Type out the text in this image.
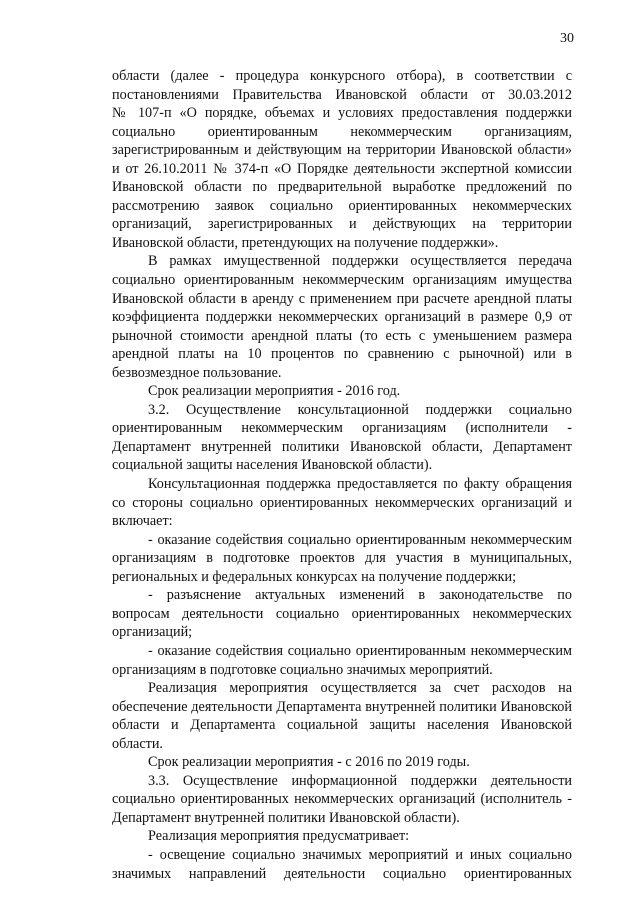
30
области (далее - процедура конкурсного отбора), в соответствии с
постановлениями Правительства Ивановской области от 30.03.2012
№ 107-п «О порядке, объемах и условиях предоставления поддержки
социально ориентированным некоммерческим организациям,
зарегистрированным и действующим на территории Ивановской области»
и от 26.10.2011 № 374-п «О Порядке деятельности экспертной комиссии
Ивановской области по предварительной выработке предложений по
рассмотрению заявок социально ориентированных некоммерческих
организаций, зарегистрированных и действующих на территории
Ивановской области, претендующих на получение поддержки».
В рамках имущественной поддержки осуществляется передача
социально ориентированным некоммерческим организациям имущества
Ивановской области в аренду с применением при расчете арендной платы
коэффициента поддержки некоммерческих организаций в размере 0,9 от
рыночной стоимости арендной платы (то есть с уменьшением размера
арендной платы на 10 процентов по сравнению с рыночной) или в
безвозмездное пользование.
Срок реализации мероприятия - 2016 год.
3.2. Осуществление консультационной поддержки социально
ориентированным некоммерческим организациям (исполнители -
Департамент внутренней политики Ивановской области, Департамент
социальной защиты населения Ивановской области).
Консультационная поддержка предоставляется по факту обращения
со стороны социально ориентированных некоммерческих организаций и
включает:
- оказание содействия социально ориентированным некоммерческим
организациям в подготовке проектов для участия в муниципальных,
региональных и федеральных конкурсах на получение поддержки;
- разъяснение актуальных изменений в законодательстве по
вопросам деятельности социально ориентированных некоммерческих
организаций;
- оказание содействия социально ориентированным некоммерческим
организациям в подготовке социально значимых мероприятий.
Реализация мероприятия осуществляется за счет расходов на
обеспечение деятельности Департамента внутренней политики Ивановской
области и Департамента социальной защиты населения Ивановской
области.
Срок реализации мероприятия - с 2016 по 2019 годы.
3.3. Осуществление информационной поддержки деятельности
социально ориентированных некоммерческих организаций (исполнитель -
Департамент внутренней политики Ивановской области).
Реализация мероприятия предусматривает:
- освещение социально значимых мероприятий и иных социально
значимых направлений деятельности социально ориентированных
